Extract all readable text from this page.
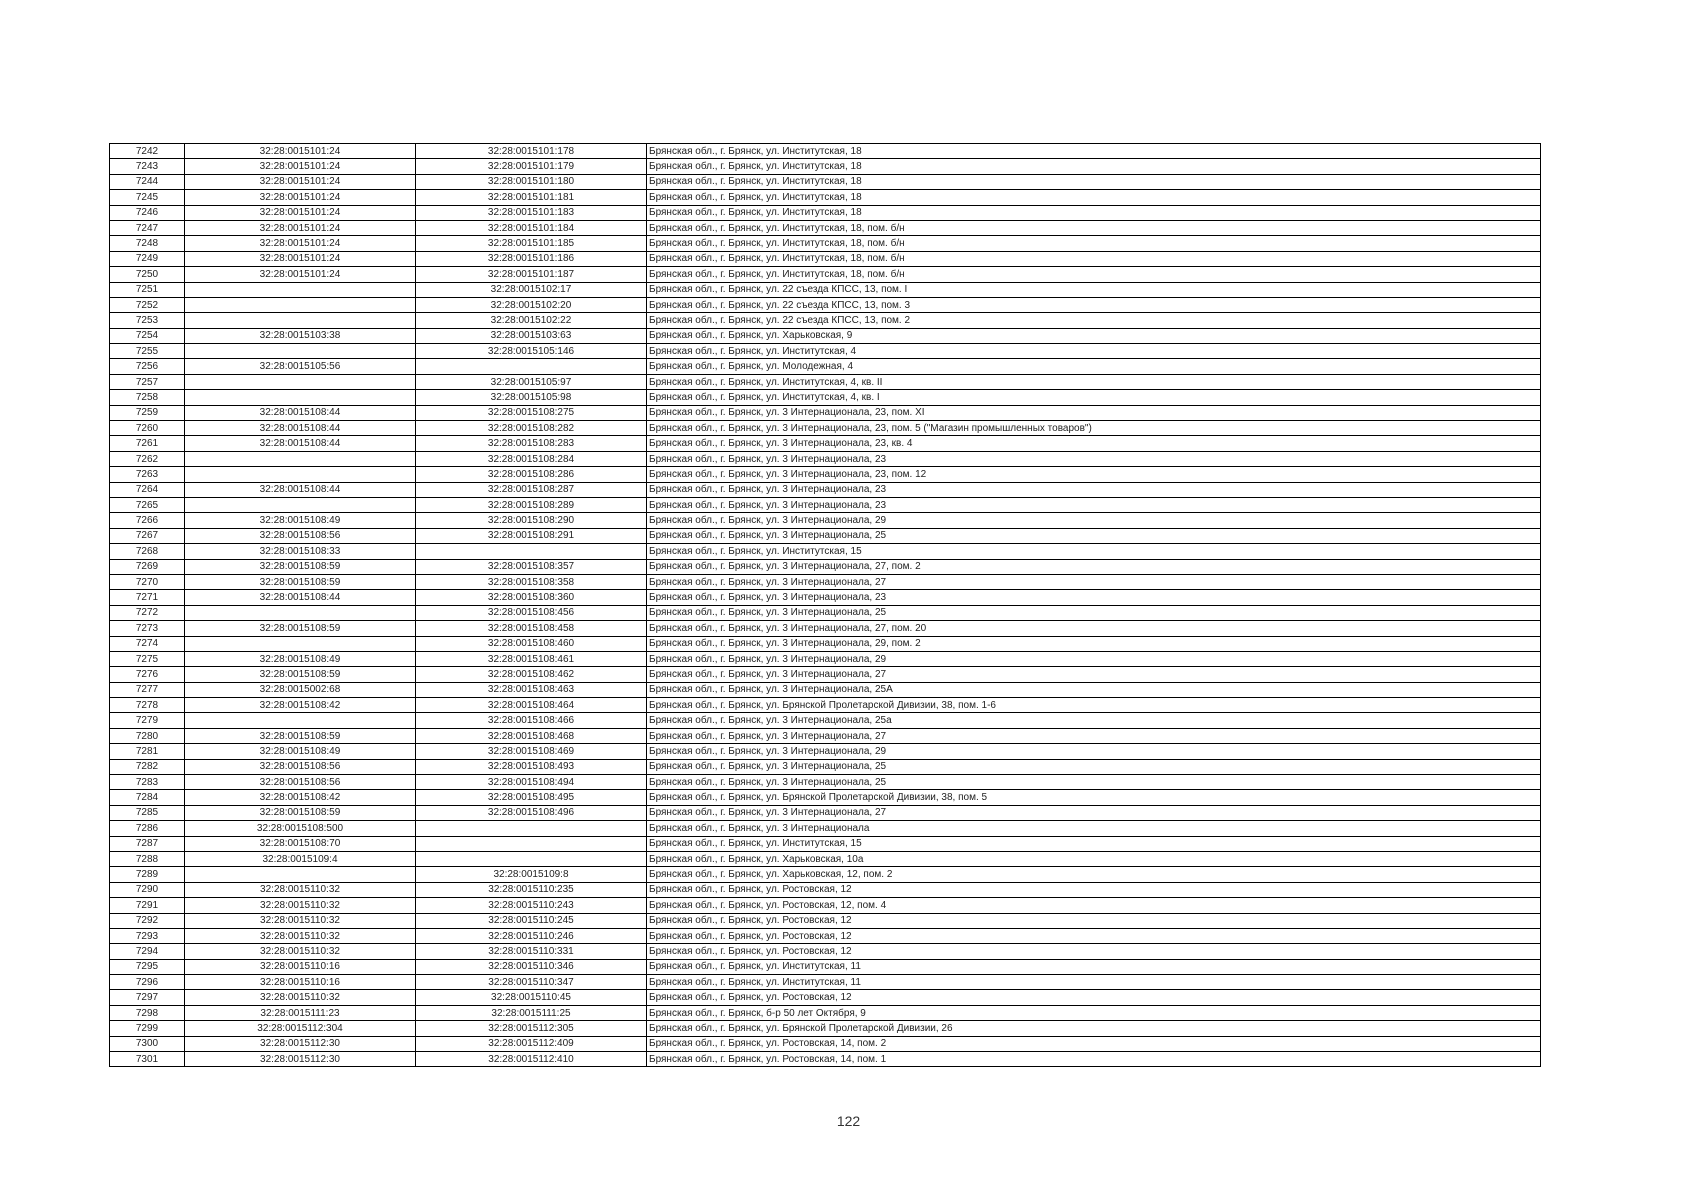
7242	32:28:0015101:24	32:28:0015101:178	Брянская обл., г. Брянск, ул. Институтская, 18
7243	32:28:0015101:24	32:28:0015101:179	Брянская обл., г. Брянск, ул. Институтская, 18
7244	32:28:0015101:24	32:28:0015101:180	Брянская обл., г. Брянск, ул. Институтская, 18
7245	32:28:0015101:24	32:28:0015101:181	Брянская обл., г. Брянск, ул. Институтская, 18
7246	32:28:0015101:24	32:28:0015101:183	Брянская обл., г. Брянск, ул. Институтская, 18
7247	32:28:0015101:24	32:28:0015101:184	Брянская обл., г. Брянск, ул. Институтская, 18, пом. б/н
7248	32:28:0015101:24	32:28:0015101:185	Брянская обл., г. Брянск, ул. Институтская, 18, пом. б/н
7249	32:28:0015101:24	32:28:0015101:186	Брянская обл., г. Брянск, ул. Институтская, 18, пом. б/н
7250	32:28:0015101:24	32:28:0015101:187	Брянская обл., г. Брянск, ул. Институтская, 18, пом. б/н
7251		32:28:0015102:17	Брянская обл., г. Брянск, ул. 22 съезда КПСС, 13, пом. I
7252		32:28:0015102:20	Брянская обл., г. Брянск, ул. 22 съезда КПСС, 13, пом. 3
7253		32:28:0015102:22	Брянская обл., г. Брянск, ул. 22 съезда КПСС, 13, пом. 2
7254	32:28:0015103:38	32:28:0015103:63	Брянская обл., г. Брянск, ул. Харьковская, 9
7255		32:28:0015105:146	Брянская обл., г. Брянск, ул. Институтская, 4
7256	32:28:0015105:56		Брянская обл., г. Брянск, ул. Молодежная, 4
7257		32:28:0015105:97	Брянская обл., г. Брянск, ул. Институтская, 4, кв. II
7258		32:28:0015105:98	Брянская обл., г. Брянск, ул. Институтская, 4, кв. I
7259	32:28:0015108:44	32:28:0015108:275	Брянская обл., г. Брянск, ул. 3 Интернационала, 23, пом. XI
7260	32:28:0015108:44	32:28:0015108:282	Брянская обл., г. Брянск, ул. 3 Интернационала, 23, пом. 5 ("Магазин промышленных товаров")
7261	32:28:0015108:44	32:28:0015108:283	Брянская обл., г. Брянск, ул. 3 Интернационала, 23, кв. 4
7262		32:28:0015108:284	Брянская обл., г. Брянск, ул. 3 Интернационала, 23
7263		32:28:0015108:286	Брянская обл., г. Брянск, ул. 3 Интернационала, 23, пом. 12
7264	32:28:0015108:44	32:28:0015108:287	Брянская обл., г. Брянск, ул. 3 Интернационала, 23
7265		32:28:0015108:289	Брянская обл., г. Брянск, ул. 3 Интернационала, 23
7266	32:28:0015108:49	32:28:0015108:290	Брянская обл., г. Брянск, ул. 3 Интернационала, 29
7267	32:28:0015108:56	32:28:0015108:291	Брянская обл., г. Брянск, ул. 3 Интернационала, 25
7268	32:28:0015108:33		Брянская обл., г. Брянск, ул. Институтская, 15
7269	32:28:0015108:59	32:28:0015108:357	Брянская обл., г. Брянск, ул. 3 Интернационала, 27, пом. 2
7270	32:28:0015108:59	32:28:0015108:358	Брянская обл., г. Брянск, ул. 3 Интернационала, 27
7271	32:28:0015108:44	32:28:0015108:360	Брянская обл., г. Брянск, ул. 3 Интернационала, 23
7272		32:28:0015108:456	Брянская обл., г. Брянск, ул. 3 Интернационала, 25
7273	32:28:0015108:59	32:28:0015108:458	Брянская обл., г. Брянск, ул. 3 Интернационала, 27, пом. 20
7274		32:28:0015108:460	Брянская обл., г. Брянск, ул. 3 Интернационала, 29, пом. 2
7275	32:28:0015108:49	32:28:0015108:461	Брянская обл., г. Брянск, ул. 3 Интернационала, 29
7276	32:28:0015108:59	32:28:0015108:462	Брянская обл., г. Брянск, ул. 3 Интернационала, 27
7277	32:28:0015002:68	32:28:0015108:463	Брянская обл., г. Брянск, ул. 3 Интернационала, 25А
7278	32:28:0015108:42	32:28:0015108:464	Брянская обл., г. Брянск, ул. Брянской Пролетарской Дивизии, 38, пом. 1-6
7279		32:28:0015108:466	Брянская обл., г. Брянск, ул. 3 Интернационала, 25а
7280	32:28:0015108:59	32:28:0015108:468	Брянская обл., г. Брянск, ул. 3 Интернационала, 27
7281	32:28:0015108:49	32:28:0015108:469	Брянская обл., г. Брянск, ул. 3 Интернационала, 29
7282	32:28:0015108:56	32:28:0015108:493	Брянская обл., г. Брянск, ул. 3 Интернационала, 25
7283	32:28:0015108:56	32:28:0015108:494	Брянская обл., г. Брянск, ул. 3 Интернационала, 25
7284	32:28:0015108:42	32:28:0015108:495	Брянская обл., г. Брянск, ул. Брянской Пролетарской Дивизии, 38, пом. 5
7285	32:28:0015108:59	32:28:0015108:496	Брянская обл., г. Брянск, ул. 3 Интернационала, 27
7286	32:28:0015108:500		Брянская обл., г. Брянск, ул. 3 Интернационала
7287	32:28:0015108:70		Брянская обл., г. Брянск, ул. Институтская, 15
7288	32:28:0015109:4		Брянская обл., г. Брянск, ул. Харьковская, 10а
7289		32:28:0015109:8	Брянская обл., г. Брянск, ул. Харьковская, 12, пом. 2
7290	32:28:0015110:32	32:28:0015110:235	Брянская обл., г. Брянск, ул. Ростовская, 12
7291	32:28:0015110:32	32:28:0015110:243	Брянская обл., г. Брянск, ул. Ростовская, 12, пом. 4
7292	32:28:0015110:32	32:28:0015110:245	Брянская обл., г. Брянск, ул. Ростовская, 12
7293	32:28:0015110:32	32:28:0015110:246	Брянская обл., г. Брянск, ул. Ростовская, 12
7294	32:28:0015110:32	32:28:0015110:331	Брянская обл., г. Брянск, ул. Ростовская, 12
7295	32:28:0015110:16	32:28:0015110:346	Брянская обл., г. Брянск, ул. Институтская, 11
7296	32:28:0015110:16	32:28:0015110:347	Брянская обл., г. Брянск, ул. Институтская, 11
7297	32:28:0015110:32	32:28:0015110:45	Брянская обл., г. Брянск, ул. Ростовская, 12
7298	32:28:0015111:23	32:28:0015111:25	Брянская обл., г. Брянск, б-р 50 лет Октября, 9
7299	32:28:0015112:304	32:28:0015112:305	Брянская обл., г. Брянск, ул. Брянской Пролетарской Дивизии, 26
7300	32:28:0015112:30	32:28:0015112:409	Брянская обл., г. Брянск, ул. Ростовская, 14, пом. 2
7301	32:28:0015112:30	32:28:0015112:410	Брянская обл., г. Брянск, ул. Ростовская, 14, пом. 1
122
